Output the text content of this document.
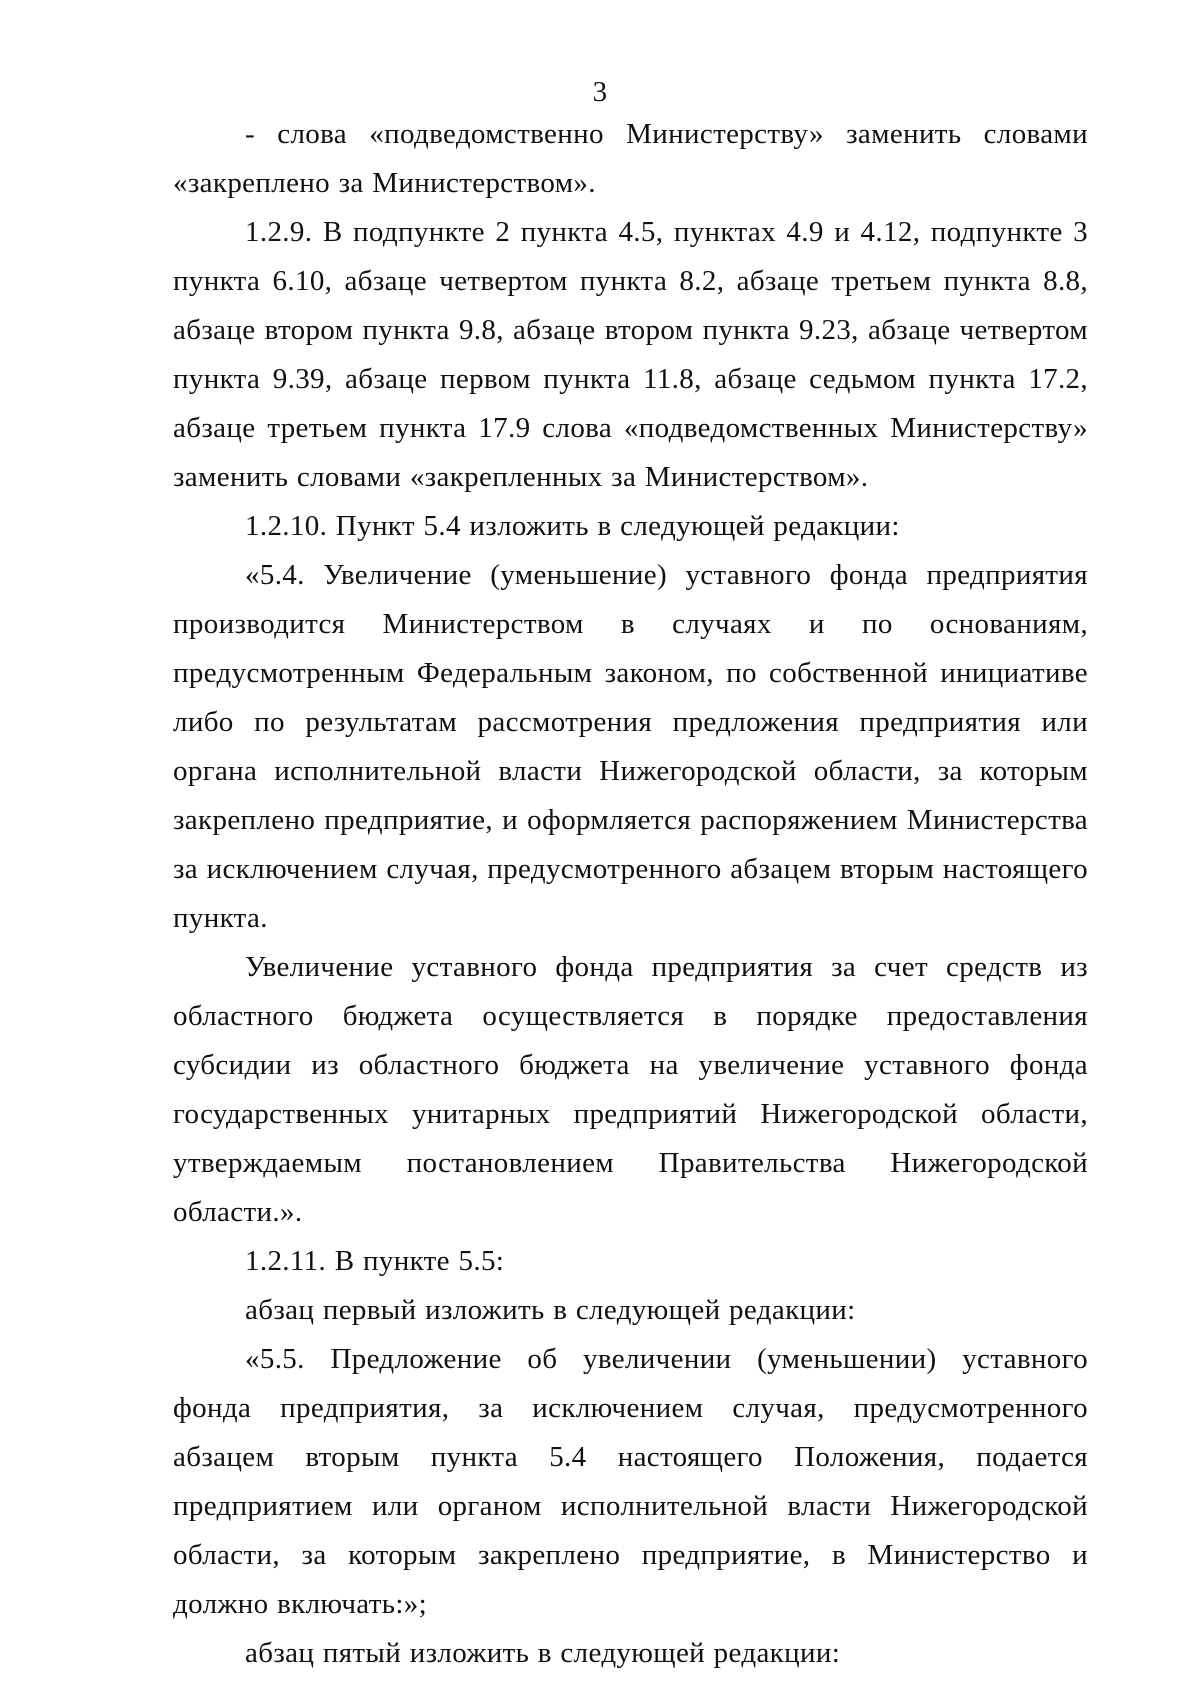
3

- слова «подведомственно Министерству» заменить словами «закреплено за Министерством».

1.2.9. В подпункте 2 пункта 4.5, пунктах 4.9 и 4.12, подпункте 3 пункта 6.10, абзаце четвертом пункта 8.2, абзаце третьем пункта 8.8, абзаце втором пункта 9.8, абзаце втором пункта 9.23, абзаце четвертом пункта 9.39, абзаце первом пункта 11.8, абзаце седьмом пункта 17.2, абзаце третьем пункта 17.9 слова «подведомственных Министерству» заменить словами «закрепленных за Министерством».

1.2.10. Пункт 5.4 изложить в следующей редакции:

«5.4. Увеличение (уменьшение) уставного фонда предприятия производится Министерством в случаях и по основаниям, предусмотренным Федеральным законом, по собственной инициативе либо по результатам рассмотрения предложения предприятия или органа исполнительной власти Нижегородской области, за которым закреплено предприятие, и оформляется распоряжением Министерства за исключением случая, предусмотренного абзацем вторым настоящего пункта.

Увеличение уставного фонда предприятия за счет средств из областного бюджета осуществляется в порядке предоставления субсидии из областного бюджета на увеличение уставного фонда государственных унитарных предприятий Нижегородской области, утверждаемым постановлением Правительства Нижегородской области.».

1.2.11. В пункте 5.5:

абзац первый изложить в следующей редакции:

«5.5. Предложение об увеличении (уменьшении) уставного фонда предприятия, за исключением случая, предусмотренного абзацем вторым пункта 5.4 настоящего Положения, подается предприятием или органом исполнительной власти Нижегородской области, за которым закреплено предприятие, в Министерство и должно включать:»;

абзац пятый изложить в следующей редакции:
